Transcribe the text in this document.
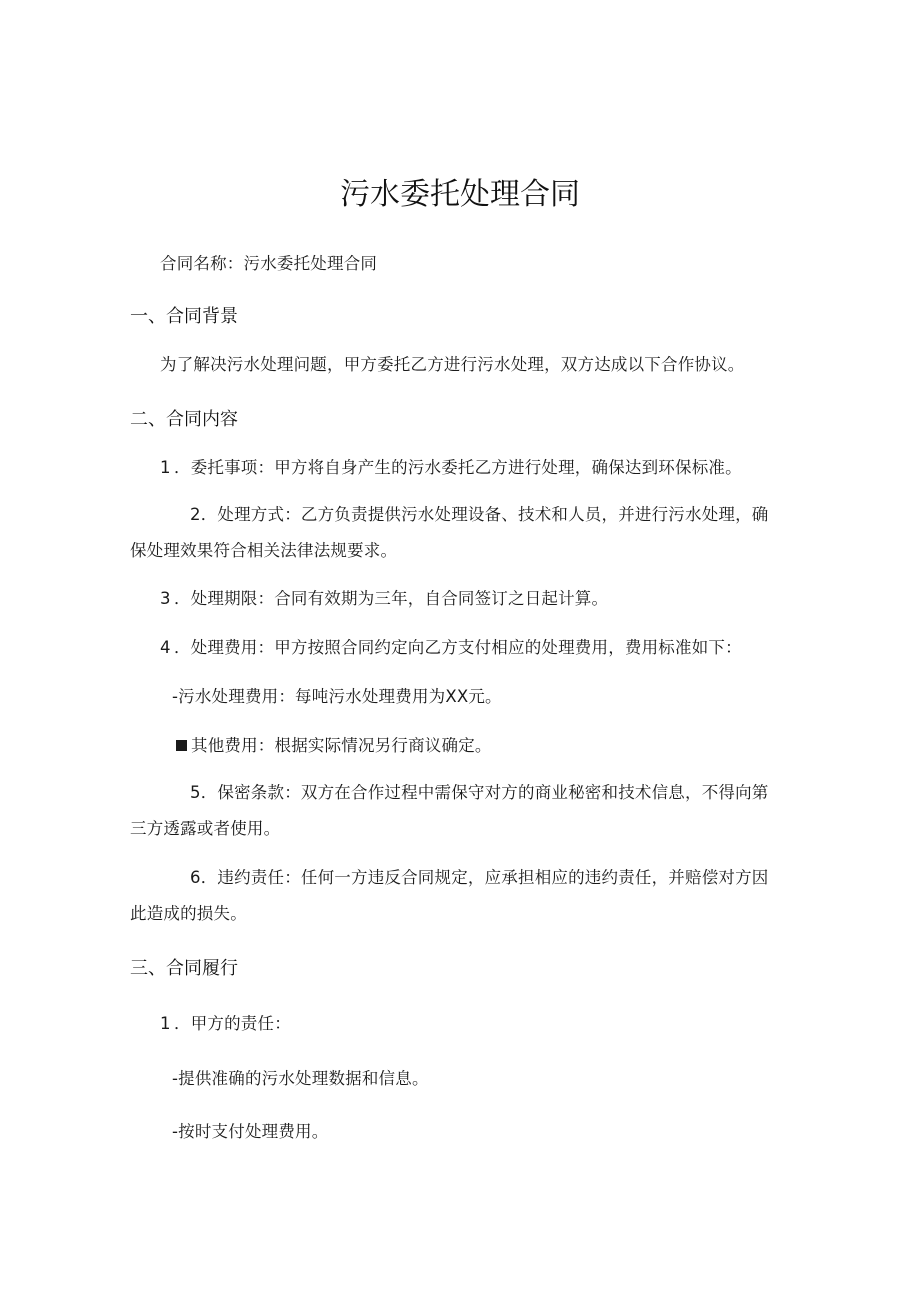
污水委托处理合同
合同名称：污水委托处理合同
一、合同背景
为了解决污水处理问题，甲方委托乙方进行污水处理，双方达成以下合作协议。
二、合同内容
1 ．委托事项：甲方将自身产生的污水委托乙方进行处理，确保达到环保标准。
2．处理方式：乙方负责提供污水处理设备、技术和人员，并进行污水处理，确保处理效果符合相关法律法规要求。
3 ．处理期限：合同有效期为三年，自合同签订之日起计算。
4 ．处理费用：甲方按照合同约定向乙方支付相应的处理费用，费用标准如下：
-污水处理费用：每吨污水处理费用为XX元。
其他费用：根据实际情况另行商议确定。
5．保密条款：双方在合作过程中需保守对方的商业秘密和技术信息，不得向第三方透露或者使用。
6．违约责任：任何一方违反合同规定，应承担相应的违约责任，并赔偿对方因此造成的损失。
三、合同履行
1 ．甲方的责任：
-提供准确的污水处理数据和信息。
-按时支付处理费用。
